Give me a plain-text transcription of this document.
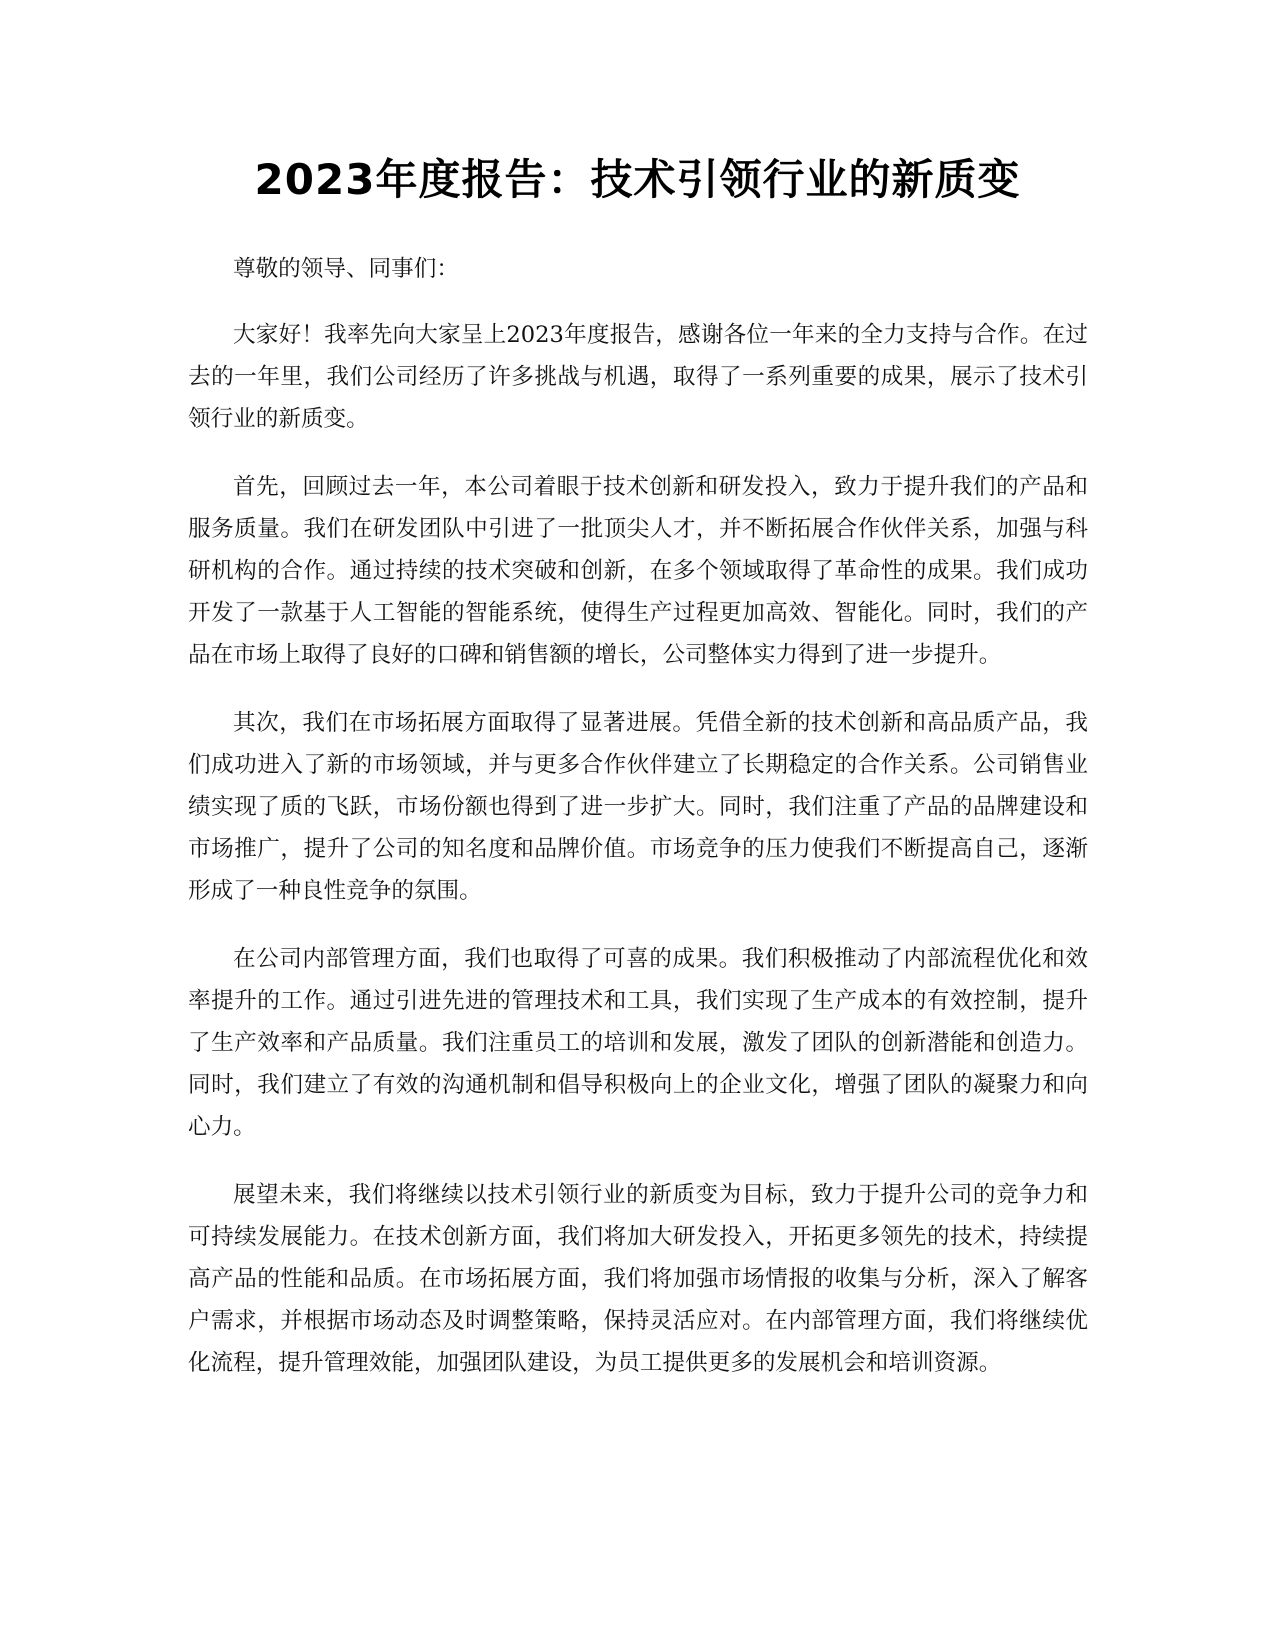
2023年度报告：技术引领行业的新质变

尊敬的领导、同事们：

大家好！我率先向大家呈上2023年度报告，感谢各位一年来的全力支持与合作。在过去的一年里，我们公司经历了许多挑战与机遇，取得了一系列重要的成果，展示了技术引领行业的新质变。

首先，回顾过去一年，本公司着眼于技术创新和研发投入，致力于提升我们的产品和服务质量。我们在研发团队中引进了一批顶尖人才，并不断拓展合作伙伴关系，加强与科研机构的合作。通过持续的技术突破和创新，在多个领域取得了革命性的成果。我们成功开发了一款基于人工智能的智能系统，使得生产过程更加高效、智能化。同时，我们的产品在市场上取得了良好的口碑和销售额的增长，公司整体实力得到了进一步提升。

其次，我们在市场拓展方面取得了显著进展。凭借全新的技术创新和高品质产品，我们成功进入了新的市场领域，并与更多合作伙伴建立了长期稳定的合作关系。公司销售业绩实现了质的飞跃，市场份额也得到了进一步扩大。同时，我们注重了产品的品牌建设和市场推广，提升了公司的知名度和品牌价值。市场竞争的压力使我们不断提高自己，逐渐形成了一种良性竞争的氛围。

在公司内部管理方面，我们也取得了可喜的成果。我们积极推动了内部流程优化和效率提升的工作。通过引进先进的管理技术和工具，我们实现了生产成本的有效控制，提升了生产效率和产品质量。我们注重员工的培训和发展，激发了团队的创新潜能和创造力。同时，我们建立了有效的沟通机制和倡导积极向上的企业文化，增强了团队的凝聚力和向心力。

展望未来，我们将继续以技术引领行业的新质变为目标，致力于提升公司的竞争力和可持续发展能力。在技术创新方面，我们将加大研发投入，开拓更多领先的技术，持续提高产品的性能和品质。在市场拓展方面，我们将加强市场情报的收集与分析，深入了解客户需求，并根据市场动态及时调整策略，保持灵活应对。在内部管理方面，我们将继续优化流程，提升管理效能，加强团队建设，为员工提供更多的发展机会和培训资源。
